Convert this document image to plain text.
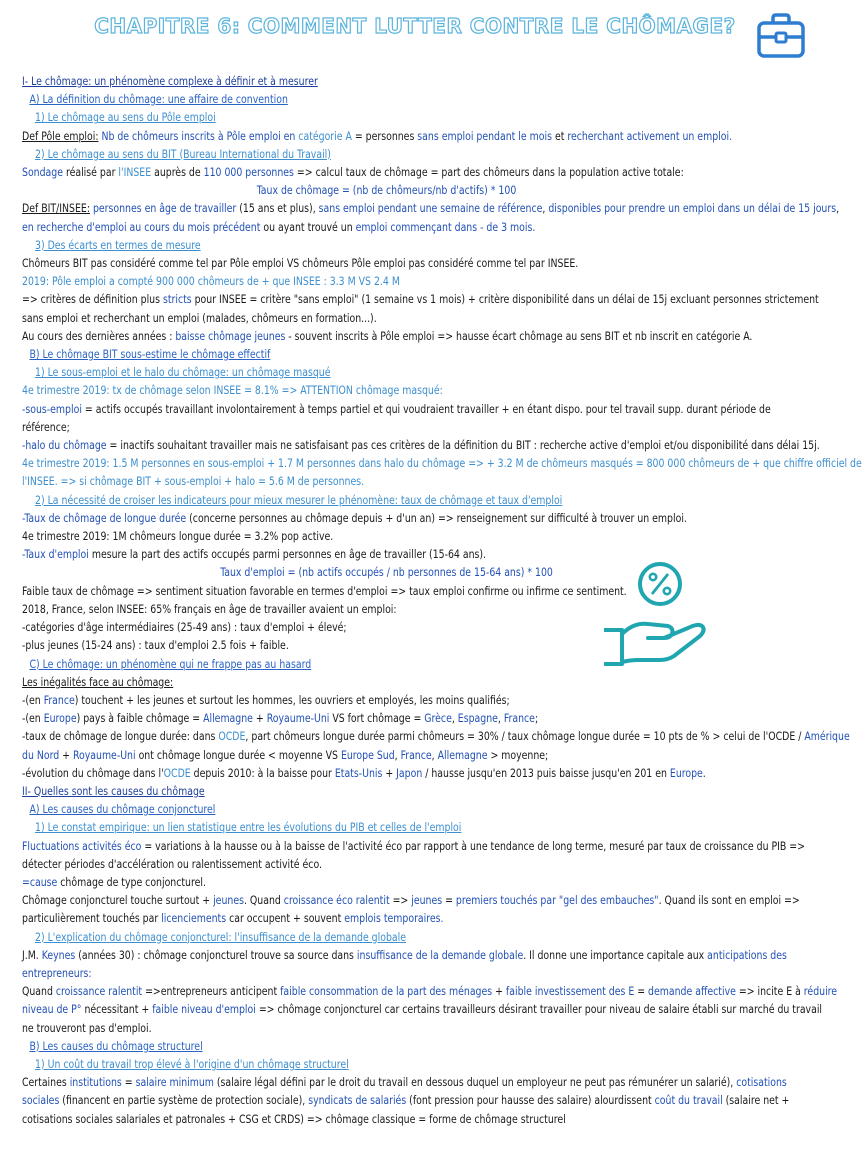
CHAPITRE 6: COMMENT LUTTER CONTRE LE CHÔMAGE?
I- Le chômage: un phénomène complexe à définir et à mesurer
A) La définition du chômage: une affaire de convention
1) Le chômage au sens du Pôle emploi
Def Pôle emploi: Nb de chômeurs inscrits à Pôle emploi en catégorie A = personnes sans emploi pendant le mois et recherchant activement un emploi.
2) Le chômage au sens du BIT (Bureau International du Travail)
Sondage réalisé par l'INSEE auprès de 110 000 personnes => calcul taux de chômage = part des chômeurs dans la population active totale:
Taux de chômage = (nb de chômeurs/nb d'actifs) * 100
Def BIT/INSEE: personnes en âge de travailler (15 ans et plus), sans emploi pendant une semaine de référence, disponibles pour prendre un emploi dans un délai de 15 jours,
en recherche d'emploi au cours du mois précédent ou ayant trouvé un emploi commençant dans - de 3 mois.
3) Des écarts en termes de mesure
Chômeurs BIT pas considéré comme tel par Pôle emploi VS chômeurs Pôle emploi pas considéré comme tel par INSEE.
2019: Pôle emploi a compté 900 000 chômeurs de + que INSEE : 3.3 M VS 2.4 M
=> critères de définition plus stricts pour INSEE = critère "sans emploi" (1 semaine vs 1 mois) + critère disponibilité dans un délai de 15j excluant personnes strictement
sans emploi et recherchant un emploi (malades, chômeurs en formation...).
Au cours des dernières années : baisse chômage jeunes - souvent inscrits à Pôle emploi => hausse écart chômage au sens BIT et nb inscrit en catégorie A.
B) Le chômage BIT sous-estime le chômage effectif
1) Le sous-emploi et le halo du chômage: un chômage masqué
4e trimestre 2019: tx de chômage selon INSEE = 8.1% => ATTENTION chômage masqué:
-sous-emploi = actifs occupés travaillant involontairement à temps partiel et qui voudraient travailler + en étant dispo. pour tel travail supp. durant période de
référence;
-halo du chômage = inactifs souhaitant travailler mais ne satisfaisant pas ces critères de la définition du BIT : recherche active d'emploi et/ou disponibilité dans délai 15j.
4e trimestre 2019: 1.5 M personnes en sous-emploi + 1.7 M personnes dans halo du chômage => + 3.2 M de chômeurs masqués = 800 000 chômeurs de + que chiffre officiel de
l'INSEE. => si chômage BIT + sous-emploi + halo = 5.6 M de personnes.
2) La nécessité de croiser les indicateurs pour mieux mesurer le phénomène: taux de chômage et taux d'emploi
-Taux de chômage de longue durée (concerne personnes au chômage depuis + d'un an) => renseignement sur difficulté à trouver un emploi.
4e trimestre 2019: 1M chômeurs longue durée = 3.2% pop active.
-Taux d'emploi mesure la part des actifs occupés parmi personnes en âge de travailler (15-64 ans).
Taux d'emploi = (nb actifs occupés / nb personnes de 15-64 ans) * 100
Faible taux de chômage => sentiment situation favorable en termes d'emploi => taux emploi confirme ou infirme ce sentiment.
2018, France, selon INSEE: 65% français en âge de travailler avaient un emploi:
-catégories d'âge intermédiaires (25-49 ans) : taux d'emploi + élevé;
-plus jeunes (15-24 ans) : taux d'emploi 2.5 fois + faible.
C) Le chômage: un phénomène qui ne frappe pas au hasard
Les inégalités face au chômage:
-(en France) touchent + les jeunes et surtout les hommes, les ouvriers et employés, les moins qualifiés;
-(en Europe) pays à faible chômage = Allemagne + Royaume-Uni VS fort chômage = Grèce, Espagne, France;
-taux de chômage de longue durée: dans OCDE, part chômeurs longue durée parmi chômeurs = 30% / taux chômage longue durée = 10 pts de % > celui de l'OCDE / Amérique
du Nord + Royaume-Uni ont chômage longue durée < moyenne VS Europe Sud, France, Allemagne > moyenne;
-évolution du chômage dans l'OCDE depuis 2010: à la baisse pour Etats-Unis + Japon / hausse jusqu'en 2013 puis baisse jusqu'en 201 en Europe.
II- Quelles sont les causes du chômage
A) Les causes du chômage conjoncturel
1) Le constat empirique: un lien statistique entre les évolutions du PIB et celles de l'emploi
Fluctuations activités éco = variations à la hausse ou à la baisse de l'activité éco par rapport à une tendance de long terme, mesuré par taux de croissance du PIB =>
détecter périodes d'accélération ou ralentissement activité éco.
=cause chômage de type conjoncturel.
Chômage conjoncturel touche surtout + jeunes. Quand croissance éco ralentit => jeunes = premiers touchés par "gel des embauches". Quand ils sont en emploi =>
particulièrement touchés par licenciements car occupent + souvent emplois temporaires.
2) L'explication du chômage conjoncturel: l'insuffisance de la demande globale
J.M. Keynes (années 30) : chômage conjoncturel trouve sa source dans insuffisance de la demande globale. Il donne une importance capitale aux anticipations des
entrepreneurs:
Quand croissance ralentit =>entrepreneurs anticipent faible consommation de la part des ménages + faible investissement des E = demande affective => incite E à réduire
niveau de P° nécessitant + faible niveau d'emploi => chômage conjoncturel car certains travailleurs désirant travailler pour niveau de salaire établi sur marché du travail
ne trouveront pas d'emploi.
B) Les causes du chômage structurel
1) Un coût du travail trop élevé à l'origine d'un chômage structurel
Certaines institutions = salaire minimum (salaire légal défini par le droit du travail en dessous duquel un employeur ne peut pas rémunérer un salarié), cotisations
sociales (financent en partie système de protection sociale), syndicats de salariés (font pression pour hausse des salaire) alourdissent coût du travail (salaire net +
cotisations sociales salariales et patronales + CSG et CRDS) => chômage classique = forme de chômage structurel
